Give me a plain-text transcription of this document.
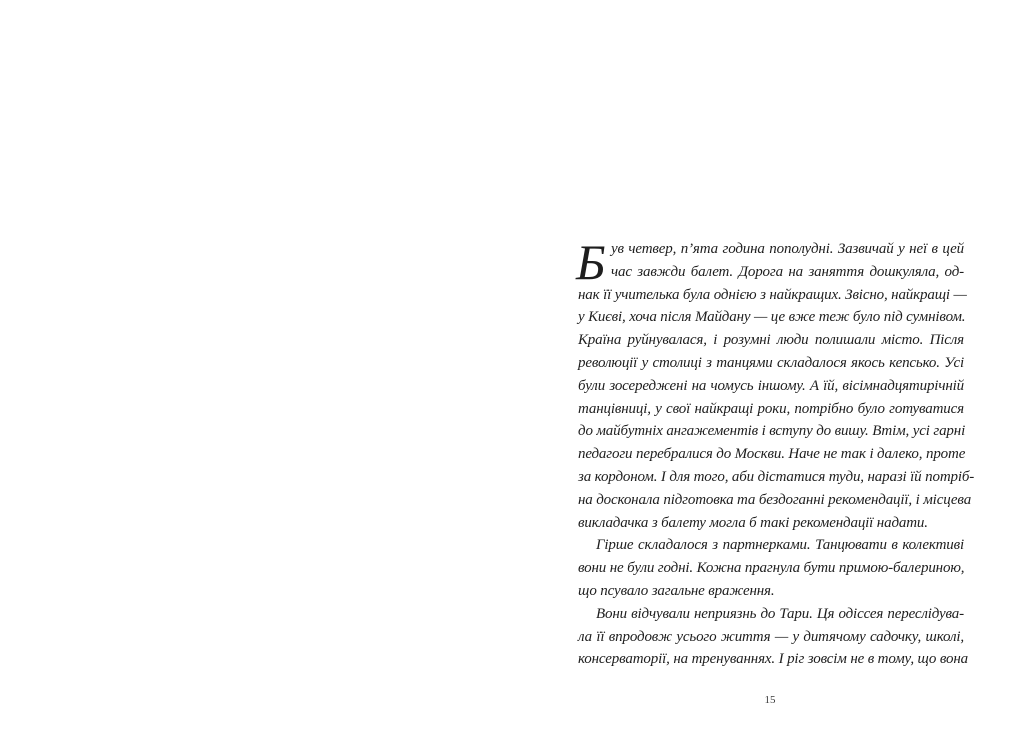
Б ув четвер, п’ята година пополудні. Зазвичай у неї в цей
час завжди балет. Дорога на заняття дошкуляла, од-
нак її учителька була однією з найкращих. Звісно, найкращі —
у Києві, хоча після Майдану — це вже теж було під сумнівом.
Країна руйнувалася, і розумні люди полишали місто. Після
революції у столиці з танцями складалося якось кепсько. Усі
були зосереджені на чомусь іншому. А їй, вісімнадцятирічній
танцівниці, у свої найкращі роки, потрібно було готуватися
до майбутніх ангажементів і вступу до вишу. Втім, усі гарні
педагоги перебралися до Москви. Наче не так і далеко, проте
за кордоном. І для того, аби дістатися туди, наразі їй потріб-
на досконала підготовка та бездоганні рекомендації, і місцева
викладачка з балету могла б такі рекомендації надати.

Гірше складалося з партнерками. Танцювати в колективі
вони не були годні. Кожна прагнула бути примою-балериною,
що псувало загальне враження.

Вони відчували неприязнь до Тари. Ця одіссея переслідува-
ла її впродовж усього життя — у дитячому садочку, школі,
консерваторії, на тренуваннях. І ріг зовсім не в тому, що вона

15
